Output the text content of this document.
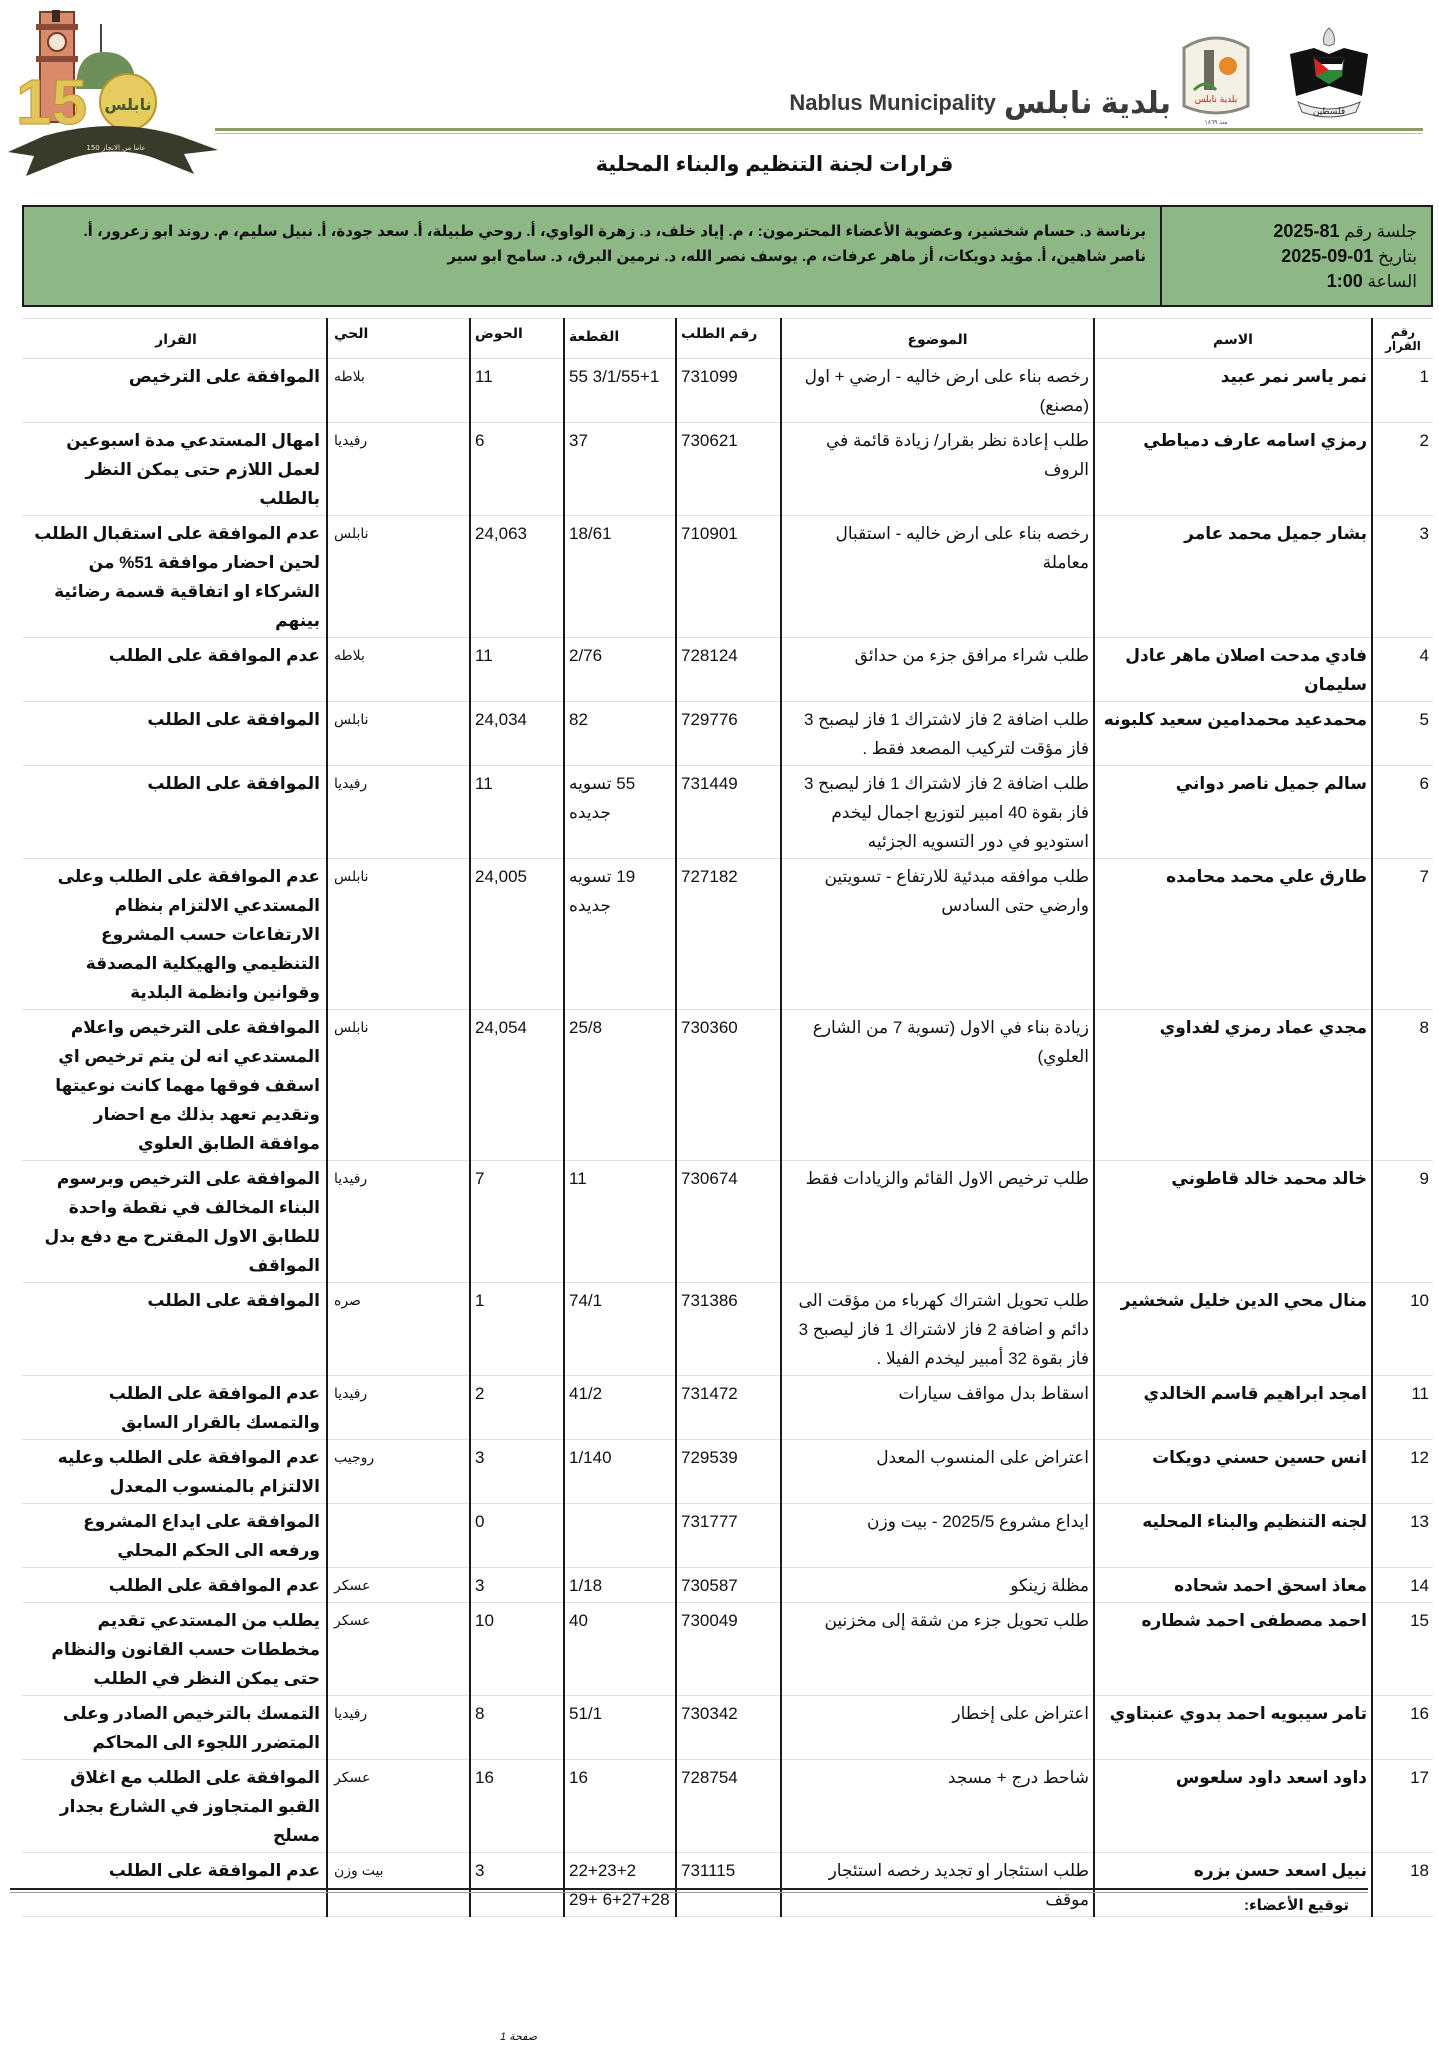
15 نابلس
150 عاما من الانجاز
Nablus Municipality بلدية نابلس	بلدية نابلس
منذ ١٨٦٩
فلسطين
قرارات لجنة التنظيم والبناء المحلية
جلسة رقم 2025-81
بتاريخ 2025-09-01
الساعة 1:00
برناسة د. حسام شخشير، وعضوية الأعضاء المحترمون: ، م. إياد خلف، د. زهرة الواوي، أ. روحي طبيلة، أ. سعد جودة، أ. نبيل سليم، م. روند ابو زعرور، أ.
ناصر شاهين، أ. مؤيد دويكات، أز ماهر عرفات، م. يوسف نصر الله، د. نرمين البرق، د. سامح ابو سير
رقم القرار	الاسم	الموضوع	رقم الطلب	القطعة	الحوض	الحي	القرار
1	نمر ياسر نمر عبيد	رخصه بناء على ارض خاليه - ارضي + اول (مصنع)	731099	3/1/55+1 55	11	بلاطه	الموافقة على الترخيص
2	رمزي اسامه عارف دمياطي	طلب إعادة نظر بقرار/ زيادة قائمة في الروف	730621	37	6	رفيديا	امهال المستدعي مدة اسبوعين لعمل اللازم حتى يمكن النظر بالطلب
3	بشار جميل محمد عامر	رخصه بناء على ارض خاليه - استقبال معاملة	710901	18/61	24,063	نابلس	عدم الموافقة على استقبال الطلب لحين احضار موافقة 51% من الشركاء او اتفاقية قسمة رضائية بينهم
4	فادي مدحت اصلان ماهر عادل سليمان	طلب شراء مرافق جزء من حدائق	728124	2/76	11	بلاطه	عدم الموافقة على الطلب
5	محمدعيد محمدامين سعيد كلبونه	طلب اضافة 2 فاز لاشتراك 1 فاز ليصبح 3 فاز مؤقت لتركيب المصعد فقط .	729776	82	24,034	نابلس	الموافقة على الطلب
6	سالم جميل ناصر دواني	طلب اضافة 2 فاز لاشتراك 1 فاز ليصبح 3 فاز بقوة 40 امبير لتوزيع اجمال ليخدم استوديو في دور التسويه الجزئيه	731449	55 تسويه جديده	11	رفيديا	الموافقة على الطلب
7	طارق علي محمد محامده	طلب موافقه مبدئية للارتفاع - تسويتين وارضي حتى السادس	727182	19 تسويه جديده	24,005	نابلس	عدم الموافقة على الطلب وعلى المستدعي الالتزام بنظام الارتفاعات حسب المشروع التنظيمي والهيكلية المصدقة وقوانين وانظمة البلدية
8	مجدي عماد رمزي لفداوي	زيادة بناء في الاول (تسوية 7 من الشارع العلوي)	730360	25/8	24,054	نابلس	الموافقة على الترخيص واعلام المستدعي انه لن يتم ترخيص اي اسقف فوقها مهما كانت نوعيتها وتقديم تعهد بذلك مع احضار موافقة الطابق العلوي
9	خالد محمد خالد قاطوني	طلب ترخيص الاول القائم والزيادات فقط	730674	11	7	رفيديا	الموافقة على الترخيص وبرسوم البناء المخالف في نقطة واحدة للطابق الاول المقترح مع دفع بدل المواقف
10	منال محي الدين خليل شخشير	طلب تحويل اشتراك كهرباء من مؤقت الى دائم و اضافة 2 فاز لاشتراك 1 فاز ليصبح 3 فاز بقوة 32 أمبير ليخدم الفيلا .	731386	74/1	1	صره	الموافقة على الطلب
11	امجد ابراهيم قاسم الخالدي	اسقاط بدل مواقف سيارات	731472	41/2	2	رفيديا	عدم الموافقة على الطلب والتمسك بالقرار السابق
12	انس حسين حسني دويكات	اعتراض على المنسوب المعدل	729539	1/140	3	روجيب	عدم الموافقة على الطلب وعليه الالتزام بالمنسوب المعدل
13	لجنه التنظيم والبناء المحليه	ايداع مشروع 2025/5 - بيت وزن	731777		0		الموافقة على ايداع المشروع ورفعه الى الحكم المحلي
14	معاذ اسحق احمد شحاده	مظلة زينكو	730587	1/18	3	عسكر	عدم الموافقة على الطلب
15	احمد مصطفى احمد شطاره	طلب تحويل جزء من شقة إلى مخزنين	730049	40	10	عسكر	يطلب من المستدعي تقديم مخططات حسب القانون والنظام حتى يمكن النظر في الطلب
16	تامر سيبويه احمد بدوي عنبتاوي	اعتراض على إخطار	730342	51/1	8	رفيديا	التمسك بالترخيص الصادر وعلى المتضرر اللجوء الى المحاكم
17	داود اسعد داود سلعوس	شاحط درج + مسجد	728754	16	16	عسكر	الموافقة على الطلب مع اغلاق القبو المتجاوز في الشارع بجدار مسلح
18	نبيل اسعد حسن بزره	طلب استئجار او تجديد رخصه استئجار موقف	731115	22+23+2 6+27+28 +29	3	بيت وزن	عدم الموافقة على الطلب
توقيع الأعضاء:
صفحة 1
